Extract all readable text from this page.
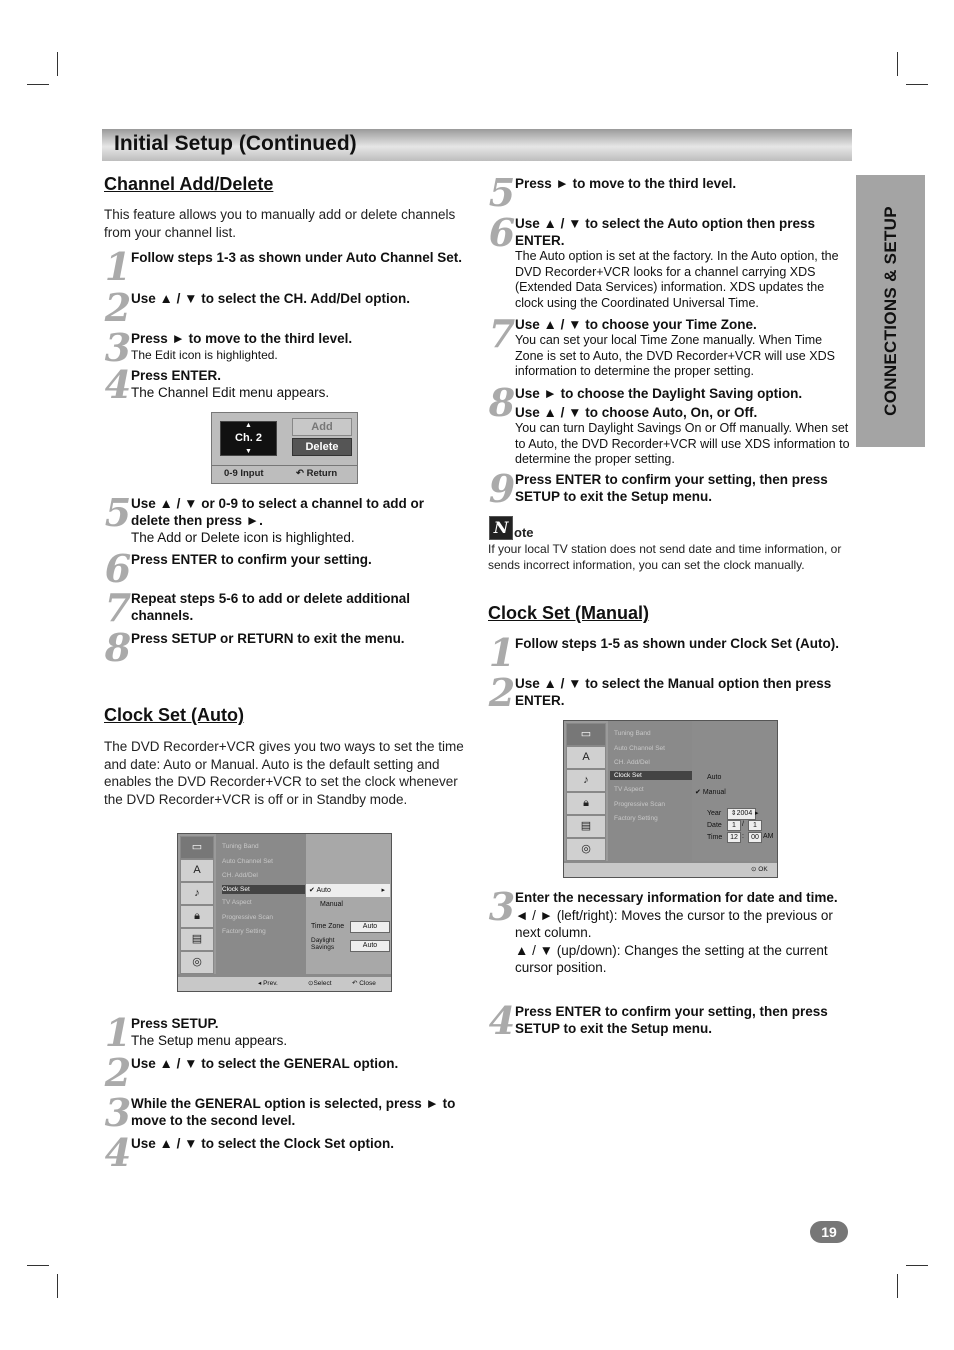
Initial Setup (Continued)
CONNECTIONS & SETUP
Channel Add/Delete
This feature allows you to manually add or delete channels from your channel list.
1 Follow steps 1-3 as shown under Auto Channel Set.
2 Use ▲ / ▼ to select the CH. Add/Del option.
3 Press ► to move to the third level.
The Edit icon is highlighted.
4 Press ENTER.
The Channel Edit menu appears.
▲
Ch. 2
▼
Add
Delete
0-9 Input	↶ Return
5 Use ▲ / ▼ or 0-9 to select a channel to add or delete then press ►.
The Add or Delete icon is highlighted.
6 Press ENTER to confirm your setting.
7 Repeat steps 5-6 to add or delete additional channels.
8 Press SETUP or RETURN to exit the menu.
Clock Set (Auto)
The DVD Recorder+VCR gives you two ways to set the time and date: Auto or Manual. Auto is the default setting and enables the DVD Recorder+VCR to set the clock whenever the DVD Recorder+VCR is off or in Standby mode.
▭
A
♪
🔒︎
▤
◎
Tuning Band
Auto Channel Set
CH. Add/Del
Clock Set
TV Aspect
Progressive Scan
Factory Setting
✔ Auto	▸
Manual
Time Zone	Auto
Daylight
Savings	Auto
◂ Prev.	⊙Select	↶ Close
1 Press SETUP.
The Setup menu appears.
2 Use ▲ / ▼ to select the GENERAL option.
3 While the GENERAL option is selected, press ► to move to the second level.
4 Use ▲ / ▼ to select the Clock Set option.
5 Press ► to move to the third level.
6 Use ▲ / ▼ to select the Auto option then press ENTER.
The Auto option is set at the factory. In the Auto option, the DVD Recorder+VCR looks for a channel carrying XDS (Extended Data Services) information. XDS updates the clock using the Coordinated Universal Time.
7 Use ▲ / ▼ to choose your Time Zone.
You can set your local Time Zone manually. When Time Zone is set to Auto, the DVD Recorder+VCR will use XDS information to determine the proper setting.
8 Use ► to choose the Daylight Saving option.
Use ▲ / ▼ to choose Auto, On, or Off.
You can turn Daylight Savings On or Off manually. When set to Auto, the DVD Recorder+VCR will use XDS information to determine the proper setting.
9 Press ENTER to confirm your setting, then press SETUP to exit the Setup menu.
N ote
If your local TV station does not send date and time information, or sends incorrect information, you can set the clock manually.
Clock Set (Manual)
1 Follow steps 1-5 as shown under Clock Set (Auto).
2 Use ▲ / ▼ to select the Manual option then press ENTER.
▭
A
♪
🔒︎
▤
◎
Tuning Band
Auto Channel Set
CH. Add/Del
Clock Set
TV Aspect
Progressive Scan
Factory Setting
Auto
✔ Manual
Year	⇕2004 ▸
Date	1 /	1
Time	12 :	00 AM
⊙ OK
3 Enter the necessary information for date and time.
◄ / ► (left/right): Moves the cursor to the previous or next column.
▲ / ▼ (up/down): Changes the setting at the current cursor position.
4 Press ENTER to confirm your setting, then press SETUP to exit the Setup menu.
19
